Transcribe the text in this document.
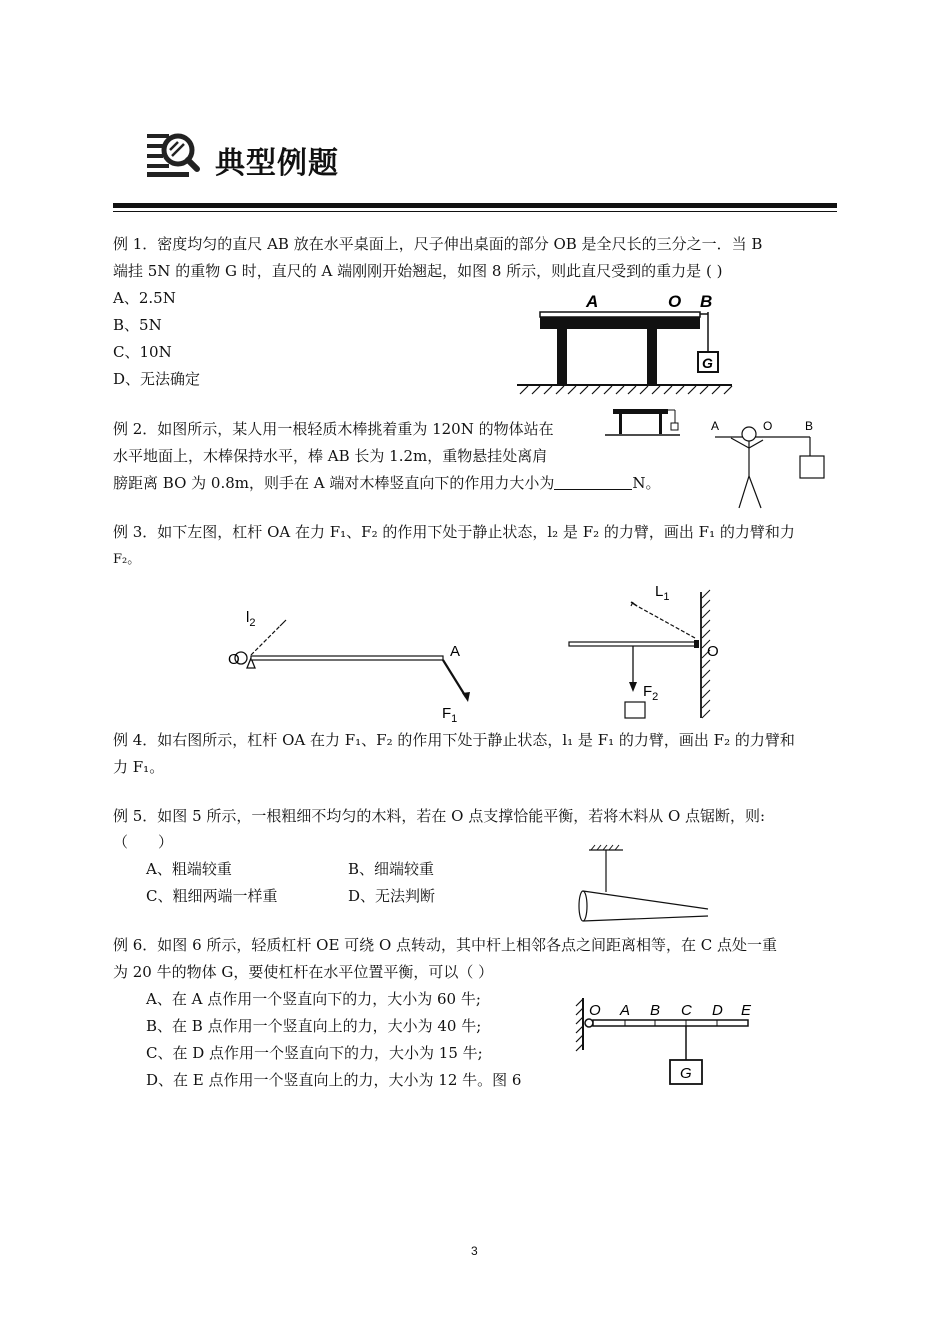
典型例题
例 1．密度均匀的直尺 AB 放在水平桌面上，尺子伸出桌面的部分 OB 是全尺长的三分之一．当 B
端挂 5N 的重物 G 时，直尺的 A 端刚刚开始翘起，如图 8 所示，则此直尺受到的重力是 ( )
A、2.5N
B、5N
C、10N
D、无法确定
A	O B
G
例 2．如图所示，某人用一根轻质木棒挑着重为 120N 的物体站在
水平地面上，木棒保持水平，棒 AB 长为 1.2m，重物悬挂处离肩
膀距离 BO 为 0.8m，则手在 A 端对木棒竖直向下的作用力大小为	N。
A	O	B
例 3．如下左图，杠杆 OA 在力 F₁、F₂ 的作用下处于静止状态，l₂ 是 F₂ 的力臂，画出 F₁ 的力臂和力
F₂。
$l_2$
O	A
$F_1$
$L_1$
O
$F_2$
例 4．如右图所示，杠杆 OA 在力 F₁、F₂ 的作用下处于静止状态，l₁ 是 F₁ 的力臂，画出 F₂ 的力臂和
力 F₁。
例 5．如图 5 所示，一根粗细不均匀的木料，若在 O 点支撑恰能平衡，若将木料从 O 点锯断，则:
（　　）
A、粗端较重	B、细端较重
C、粗细两端一样重	D、无法判断
例 6．如图 6 所示，轻质杠杆 OE 可绕 O 点转动，其中杆上相邻各点之间距离相等，在 C 点处一重
为 20 牛的物体 G，要使杠杆在水平位置平衡，可以（ ）
A、在 A 点作用一个竖直向下的力，大小为 60 牛;
B、在 B 点作用一个竖直向上的力，大小为 40 牛;
C、在 D 点作用一个竖直向下的力，大小为 15 牛;
D、在 E 点作用一个竖直向上的力，大小为 12 牛。图 6
O A B C D E
G
3
